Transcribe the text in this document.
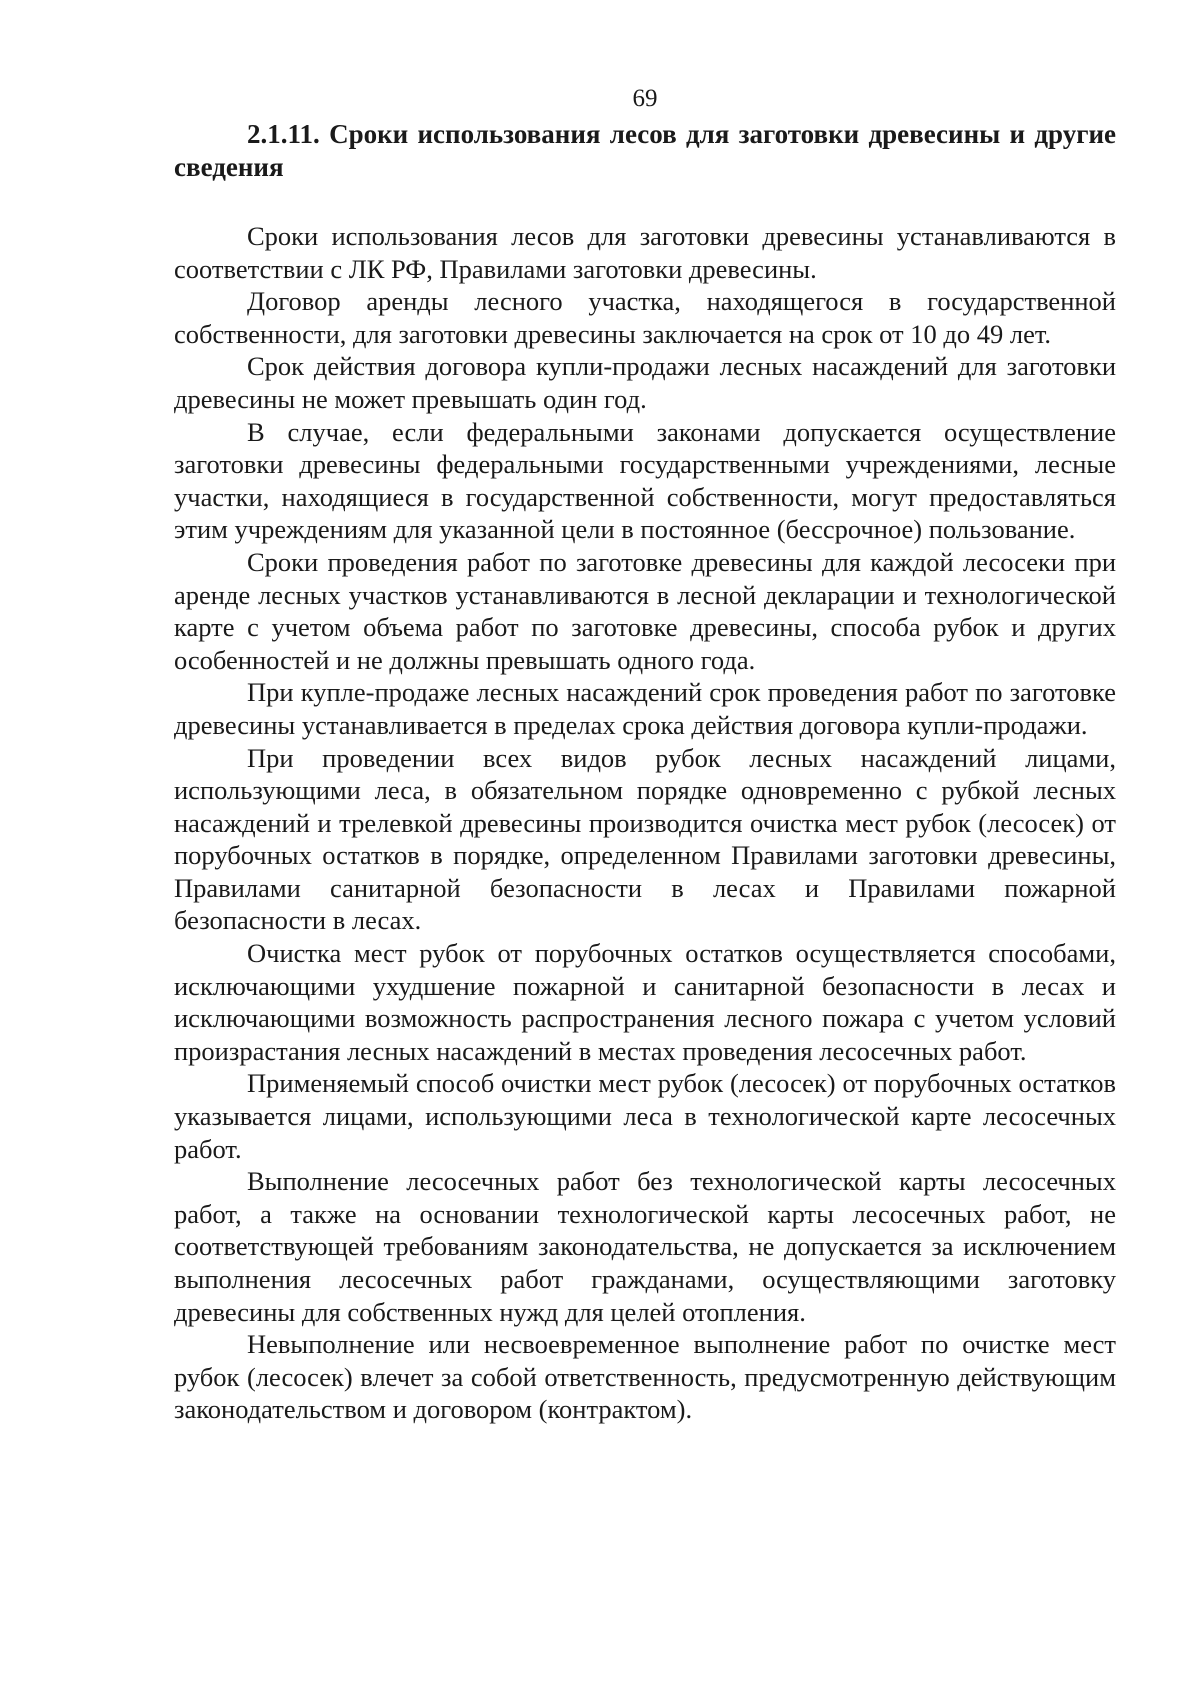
69

2.1.11. Сроки использования лесов для заготовки древесины и другие сведения

Сроки использования лесов для заготовки древесины устанавливаются в соответствии с ЛК РФ, Правилами заготовки древесины.

Договор аренды лесного участка, находящегося в государственной собственности, для заготовки древесины заключается на срок от 10 до 49 лет.

Срок действия договора купли-продажи лесных насаждений для заготовки древесины не может превышать один год.

В случае, если федеральными законами допускается осуществление заготовки древесины федеральными государственными учреждениями, лесные участки, находящиеся в государственной собственности, могут предоставляться этим учреждениям для указанной цели в постоянное (бессрочное) пользование.

Сроки проведения работ по заготовке древесины для каждой лесосеки при аренде лесных участков устанавливаются в лесной декларации и технологической карте с учетом объема работ по заготовке древесины, способа рубок и других особенностей и не должны превышать одного года.

При купле-продаже лесных насаждений срок проведения работ по заготовке древесины устанавливается в пределах срока действия договора купли-продажи.

При проведении всех видов рубок лесных насаждений лицами, использующими леса, в обязательном порядке одновременно с рубкой лесных насаждений и трелевкой древесины производится очистка мест рубок (лесосек) от порубочных остатков в порядке, определенном Правилами заготовки древесины, Правилами санитарной безопасности в лесах и Правилами пожарной безопасности в лесах.

Очистка мест рубок от порубочных остатков осуществляется способами, исключающими ухудшение пожарной и санитарной безопасности в лесах и исключающими возможность распространения лесного пожара с учетом условий произрастания лесных насаждений в местах проведения лесосечных работ.

Применяемый способ очистки мест рубок (лесосек) от порубочных остатков указывается лицами, использующими леса в технологической карте лесосечных работ.

Выполнение лесосечных работ без технологической карты лесосечных работ, а также на основании технологической карты лесосечных работ, не соответствующей требованиям законодательства, не допускается за исключением выполнения лесосечных работ гражданами, осуществляющими заготовку древесины для собственных нужд для целей отопления.

Невыполнение или несвоевременное выполнение работ по очистке мест рубок (лесосек) влечет за собой ответственность, предусмотренную действующим законодательством и договором (контрактом).
